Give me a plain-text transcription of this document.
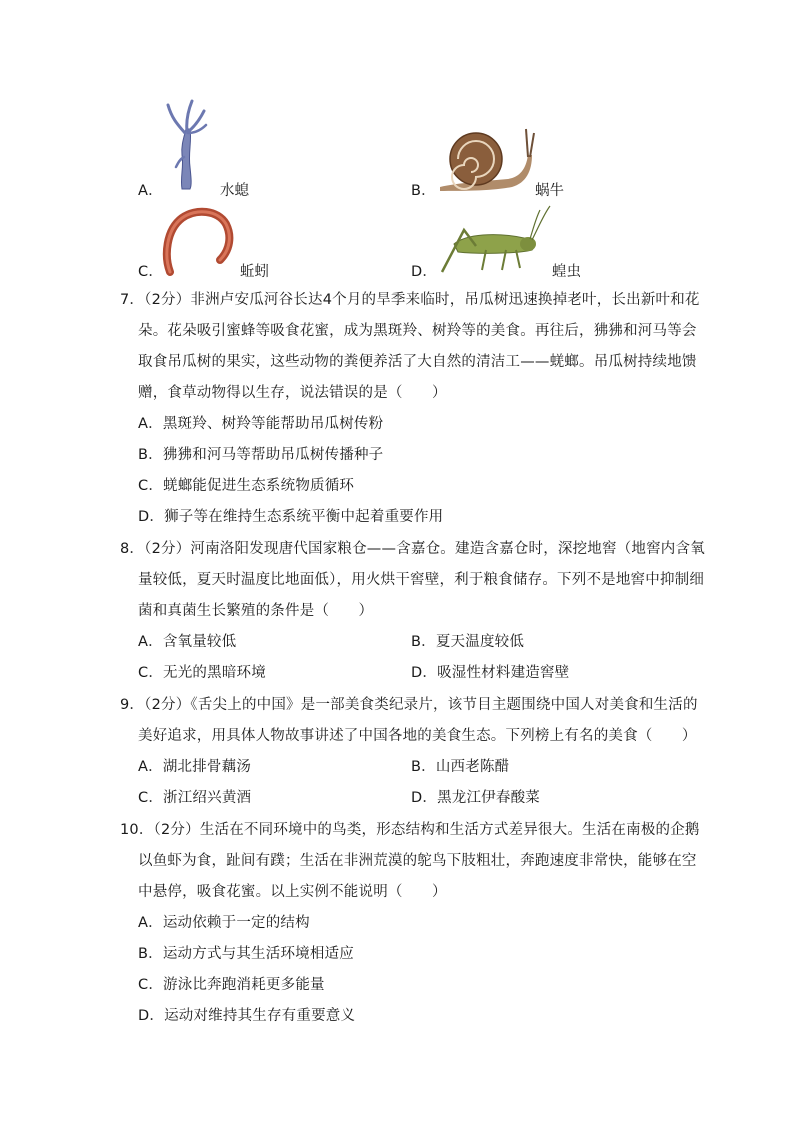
A．	水螅	B．	蜗牛
C．	蚯蚓	D．	蝗虫
7．（2分）非洲卢安瓜河谷长达4个月的旱季来临时，吊瓜树迅速换掉老叶，长出新叶和花
朵。花朵吸引蜜蜂等吸食花蜜，成为黑斑羚、树羚等的美食。再往后，狒狒和河马等会
取食吊瓜树的果实，这些动物的粪便养活了大自然的清洁工——蜣螂。吊瓜树持续地馈
赠，食草动物得以生存，说法错误的是（　　）
A．黑斑羚、树羚等能帮助吊瓜树传粉
B．狒狒和河马等帮助吊瓜树传播种子
C．蜣螂能促进生态系统物质循环
D．狮子等在维持生态系统平衡中起着重要作用
8．（2分）河南洛阳发现唐代国家粮仓——含嘉仓。建造含嘉仓时，深挖地窖（地窖内含氧
量较低，夏天时温度比地面低），用火烘干窖壁，利于粮食储存。下列不是地窖中抑制细
菌和真菌生长繁殖的条件是（　　）
A．含氧量较低	B．夏天温度较低
C．无光的黑暗环境	D．吸湿性材料建造窖壁
9．（2分）《舌尖上的中国》是一部美食类纪录片，该节目主题围绕中国人对美食和生活的
美好追求，用具体人物故事讲述了中国各地的美食生态。下列榜上有名的美食（　　）
A．湖北排骨藕汤	B．山西老陈醋
C．浙江绍兴黄酒	D．黑龙江伊春酸菜
10．（2分）生活在不同环境中的鸟类，形态结构和生活方式差异很大。生活在南极的企鹅
以鱼虾为食，趾间有蹼；生活在非洲荒漠的鸵鸟下肢粗壮，奔跑速度非常快，能够在空
中悬停，吸食花蜜。以上实例不能说明（　　）
A．运动依赖于一定的结构
B．运动方式与其生活环境相适应
C．游泳比奔跑消耗更多能量
D．运动对维持其生存有重要意义
